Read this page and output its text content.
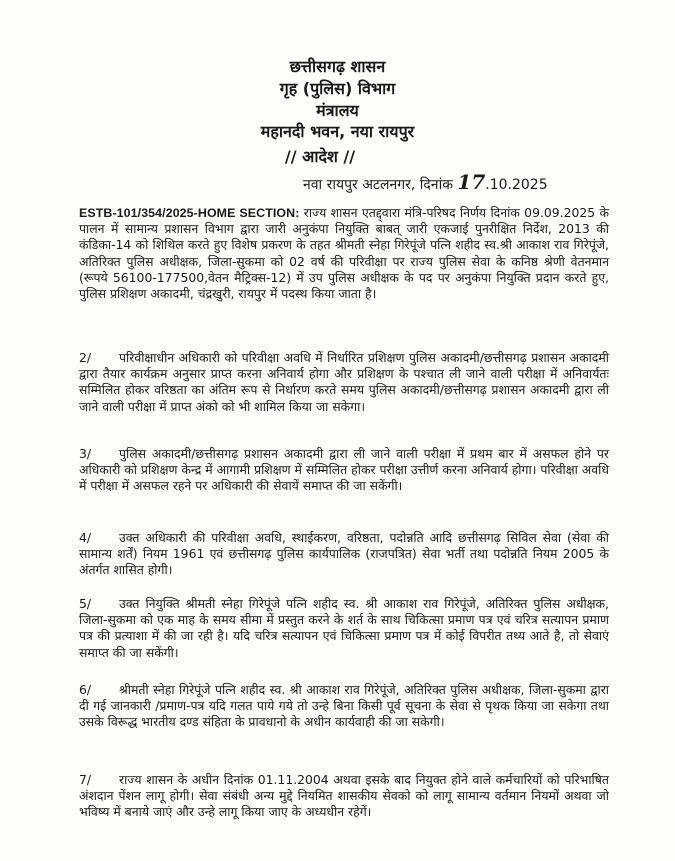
छत्तीसगढ़ शासन
गृह (पुलिस) विभाग
मंत्रालय
महानदी भवन, नया रायपुर
// आदेश //
नवा रायपुर अटलनगर, दिनांक 17.10.2025
ESTB-101/354/2025-HOME SECTION: राज्य शासन एतद्द्वारा मंत्रि-परिषद निर्णय दिनांक 09.09.2025 के पालन में सामान्य प्रशासन विभाग द्वारा जारी अनुकंपा नियुक्ति बाबत् जारी एकजाई पुनरीक्षित निर्देश, 2013 की कंडिका-14 को शिथिल करते हुए विशेष प्रकरण के तहत श्रीमती स्नेहा गिरेपूंजे पत्नि शहीद स्व.श्री आकाश राव गिरेपूंजे, अतिरिक्त पुलिस अधीक्षक, जिला-सुकमा को 02 वर्ष की परिवीक्षा पर राज्य पुलिस सेवा के कनिष्ठ श्रेणी वेतनमान (रूपये 56100-177500,वेतन मैट्रिक्स-12) में उप पुलिस अधीक्षक के पद पर अनुकंपा नियुक्ति प्रदान करते हुए, पुलिस प्रशिक्षण अकादमी, चंद्रखुरी, रायपुर में पदस्थ किया जाता है।
2/ परिवीक्षाधीन अधिकारी को परिवीक्षा अवधि में निर्धारित प्रशिक्षण पुलिस अकादमी/छत्तीसगढ़ प्रशासन अकादमी द्वारा तैयार कार्यक्रम अनुसार प्राप्त करना अनिवार्य होगा और प्रशिक्षण के पश्चात ली जाने वाली परीक्षा में अनिवार्यतः सम्मिलित होकर वरिष्ठता का अंतिम रूप से निर्धारण करते समय पुलिस अकादमी/छत्तीसगढ़ प्रशासन अकादमी द्वारा ली जाने वाली परीक्षा में प्राप्त अंको को भी शामिल किया जा सकेगा।
3/ पुलिस अकादमी/छत्तीसगढ़ प्रशासन अकादमी द्वारा ली जाने वाली परीक्षा में प्रथम बार में असफल होने पर अधिकारी को प्रशिक्षण केन्द्र में आगामी प्रशिक्षण में सम्मिलित होकर परीक्षा उत्तीर्ण करना अनिवार्य होगा। परिवीक्षा अवधि में परीक्षा में असफल रहने पर अधिकारी की सेवायें समाप्त की जा सकेंगी।
4/ उक्त अधिकारी की परिवीक्षा अवधि, स्थाईकरण, वरिष्ठता, पदोन्नति आदि छत्तीसगढ़ सिविल सेवा (सेवा की सामान्य शर्तें) नियम 1961 एवं छत्तीसगढ़ पुलिस कार्यपालिक (राजपत्रित) सेवा भर्ती तथा पदोन्नति नियम 2005 के अंतर्गत शासित होगी।
5/ उक्त नियुक्ति श्रीमती स्नेहा गिरेपूंजे पत्नि शहीद स्व. श्री आकाश राव गिरेपूंजे, अतिरिक्त पुलिस अधीक्षक, जिला-सुकमा को एक माह के समय सीमा में प्रस्तुत करने के शर्त के साथ चिकित्सा प्रमाण पत्र एवं चरित्र सत्यापन प्रमाण पत्र की प्रत्याशा में की जा रही है। यदि चरित्र सत्यापन एवं चिकित्सा प्रमाण पत्र में कोई विपरीत तथ्य आते है, तो सेवाएं समाप्त की जा सकेंगी।
6/ श्रीमती स्नेहा गिरेपूंजे पत्नि शहीद स्व. श्री आकाश राव गिरेपूंजे, अतिरिक्त पुलिस अधीक्षक, जिला-सुकमा द्वारा दी गई जानकारी /प्रमाण-पत्र यदि गलत पाये गये तो उन्हे बिना किसी पूर्व सूचना के सेवा से पृथक किया जा सकेगा तथा उसके विरूद्ध भारतीय दण्ड संहिता के प्रावधानो के अधीन कार्यवाही की जा सकेगी।
7/ राज्य शासन के अधीन दिनांक 01.11.2004 अथवा इसके बाद नियुक्त होने वाले कर्मचारियों को परिभाषित अंशदान पेंशन लागू होगी। सेवा संबंधी अन्य मुद्दे नियमित शासकीय सेवको को लागू सामान्य वर्तमान नियमों अथवा जो भविष्य में बनाये जाएं और उन्हे लागू किया जाए के अध्यधीन रहेगें।
